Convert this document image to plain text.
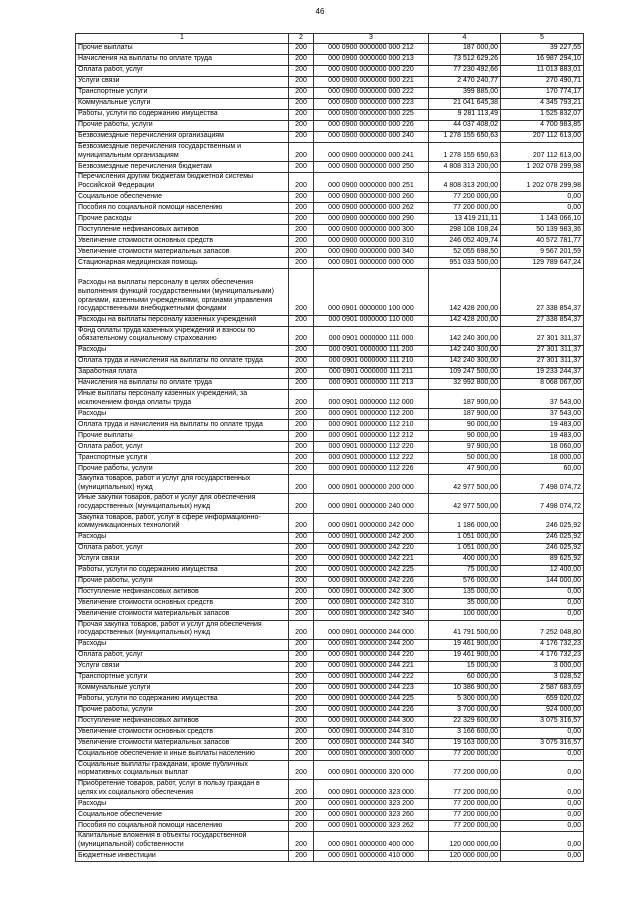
46
1	2	3	4	5
Прочие выплаты	200	000 0900 0000000 000 212	187 000,00	39 227,55
Начисления на выплаты по оплате труда	200	000 0900 0000000 000 213	73 512 629,26	16 987 294,10
Оплата работ, услуг	200	000 0900 0000000 000 220	77 230 492,66	11 013 883,01
Услуги связи	200	000 0900 0000000 000 221	2 470 240,77	270 490,71
Транспортные услуги	200	000 0900 0000000 000 222	399 885,00	170 774,17
Коммунальные услуги	200	000 0900 0000000 000 223	21 041 645,38	4 345 793,21
Работы, услуги по содержанию имущества	200	000 0900 0000000 000 225	9 281 113,49	1 525 832,07
Прочие работы, услуги	200	000 0900 0000000 000 226	44 037 408,02	4 700 983,85
Безвозмездные перечисления организациям	200	000 0900 0000000 000 240	1 278 155 650,63	207 112 613,00
Безвозмездные перечисления государственным и
муниципальным организациям	200	000 0900 0000000 000 241	1 278 155 650,63	207 112 613,00
Безвозмездные перечисления бюджетам	200	000 0900 0000000 000 250	4 808 313 200,00	1 202 078 299,98
Перечисления другим бюджетам бюджетной системы
Российской Федерации	200	000 0900 0000000 000 251	4 808 313 200,00	1 202 078 299,98
Социальное обеспечение	200	000 0900 0000000 000 260	77 200 000,00	0,00
Пособия по социальной помощи населению	200	000 0900 0000000 000 262	77 200 000,00	0,00
Прочие расходы	200	000 0900 0000000 000 290	13 419 211,11	1 143 066,10
Поступление нефинансовых активов	200	000 0900 0000000 000 300	298 108 108,24	50 139 983,36
Увеличение стоимости основных средств	200	000 0900 0000000 000 310	246 052 409,74	40 572 781,77
Увеличение стоимости материальных запасов	200	000 0900 0000000 000 340	52 055 698,50	9 567 201,59
Стационарная медицинская помощь	200	000 0901 0000000 000 000	951 033 500,00	129 789 647,24
Расходы на выплаты персоналу в целях обеспечения
выполнения функций государственными (муниципальными)
органами, казенными учреждениями, органами управления
государственными внебюджетными фондами	200	000 0901 0000000 100 000	142 428 200,00	27 338 854,37
Расходы на выплаты персоналу казенных учреждений	200	000 0901 0000000 110 000	142 428 200,00	27 338 854,37
Фонд оплаты труда казенных учреждений и взносы по
обязательному социальному страхованию	200	000 0901 0000000 111 000	142 240 300,00	27 301 311,37
Расходы	200	000 0901 0000000 111 200	142 240 300,00	27 301 311,37
Оплата труда и начисления на выплаты по оплате труда	200	000 0901 0000000 111 210	142 240 300,00	27 301 311,37
Заработная плата	200	000 0901 0000000 111 211	109 247 500,00	19 233 244,37
Начисления на выплаты по оплате труда	200	000 0901 0000000 111 213	32 992 800,00	8 068 067,00
Иные выплаты персоналу казенных учреждений, за
исключением фонда оплаты труда	200	000 0901 0000000 112 000	187 900,00	37 543,00
Расходы	200	000 0901 0000000 112 200	187 900,00	37 543,00
Оплата труда и начисления на выплаты по оплате труда	200	000 0901 0000000 112 210	90 000,00	19 483,00
Прочие выплаты	200	000 0901 0000000 112 212	90 000,00	19 483,00
Оплата работ, услуг	200	000 0901 0000000 112 220	97 900,00	18 060,00
Транспортные услуги	200	000 0901 0000000 112 222	50 000,00	18 000,00
Прочие работы, услуги	200	000 0901 0000000 112 226	47 900,00	60,00
Закупка товаров, работ и услуг для государственных
(муниципальных) нужд	200	000 0901 0000000 200 000	42 977 500,00	7 498 074,72
Иные закупки товаров, работ и услуг для обеспечения
государственных (муниципальных) нужд	200	000 0901 0000000 240 000	42 977 500,00	7 498 074,72
Закупка товаров, работ, услуг в сфере информационно-
коммуникационных технологий	200	000 0901 0000000 242 000	1 186 000,00	246 025,92
Расходы	200	000 0901 0000000 242 200	1 051 000,00	246 025,92
Оплата работ, услуг	200	000 0901 0000000 242 220	1 051 000,00	246 025,92
Услуги связи	200	000 0901 0000000 242 221	400 000,00	89 625,92
Работы, услуги по содержанию имущества	200	000 0901 0000000 242 225	75 000,00	12 400,00
Прочие работы, услуги	200	000 0901 0000000 242 226	576 000,00	144 000,00
Поступление нефинансовых активов	200	000 0901 0000000 242 300	135 000,00	0,00
Увеличение стоимости основных средств	200	000 0901 0000000 242 310	35 000,00	0,00
Увеличение стоимости материальных запасов	200	000 0901 0000000 242 340	100 000,00	0,00
Прочая закупка товаров, работ и услуг для обеспечения
государственных (муниципальных) нужд	200	000 0901 0000000 244 000	41 791 500,00	7 252 048,80
Расходы	200	000 0901 0000000 244 200	19 461 900,00	4 176 732,23
Оплата работ, услуг	200	000 0901 0000000 244 220	19 461 900,00	4 176 732,23
Услуги связи	200	000 0901 0000000 244 221	15 000,00	3 000,00
Транспортные услуги	200	000 0901 0000000 244 222	60 000,00	3 028,52
Коммунальные услуги	200	000 0901 0000000 244 223	10 386 900,00	2 587 683,69
Работы, услуги по содержанию имущества	200	000 0901 0000000 244 225	5 300 000,00	659 020,02
Прочие работы, услуги	200	000 0901 0000000 244 226	3 700 000,00	924 000,00
Поступление нефинансовых активов	200	000 0901 0000000 244 300	22 329 600,00	3 075 316,57
Увеличение стоимости основных средств	200	000 0901 0000000 244 310	3 166 600,00	0,00
Увеличение стоимости материальных запасов	200	000 0901 0000000 244 340	19 163 000,00	3 075 316,57
Социальное обеспечение и иные выплаты населению	200	000 0901 0000000 300 000	77 200 000,00	0,00
Социальные выплаты гражданам, кроме публичных
нормативных социальных выплат	200	000 0901 0000000 320 000	77 200 000,00	0,00
Приобретение товаров, работ, услуг в пользу граждан в
целях их социального обеспечения	200	000 0901 0000000 323 000	77 200 000,00	0,00
Расходы	200	000 0901 0000000 323 200	77 200 000,00	0,00
Социальное обеспечение	200	000 0901 0000000 323 260	77 200 000,00	0,00
Пособия по социальной помощи населению	200	000 0901 0000000 323 262	77 200 000,00	0,00
Капитальные вложения в объекты государственной
(муниципальной) собственности	200	000 0901 0000000 400 000	120 000 000,00	0,00
Бюджетные инвестиции	200	000 0901 0000000 410 000	120 000 000,00	0,00
